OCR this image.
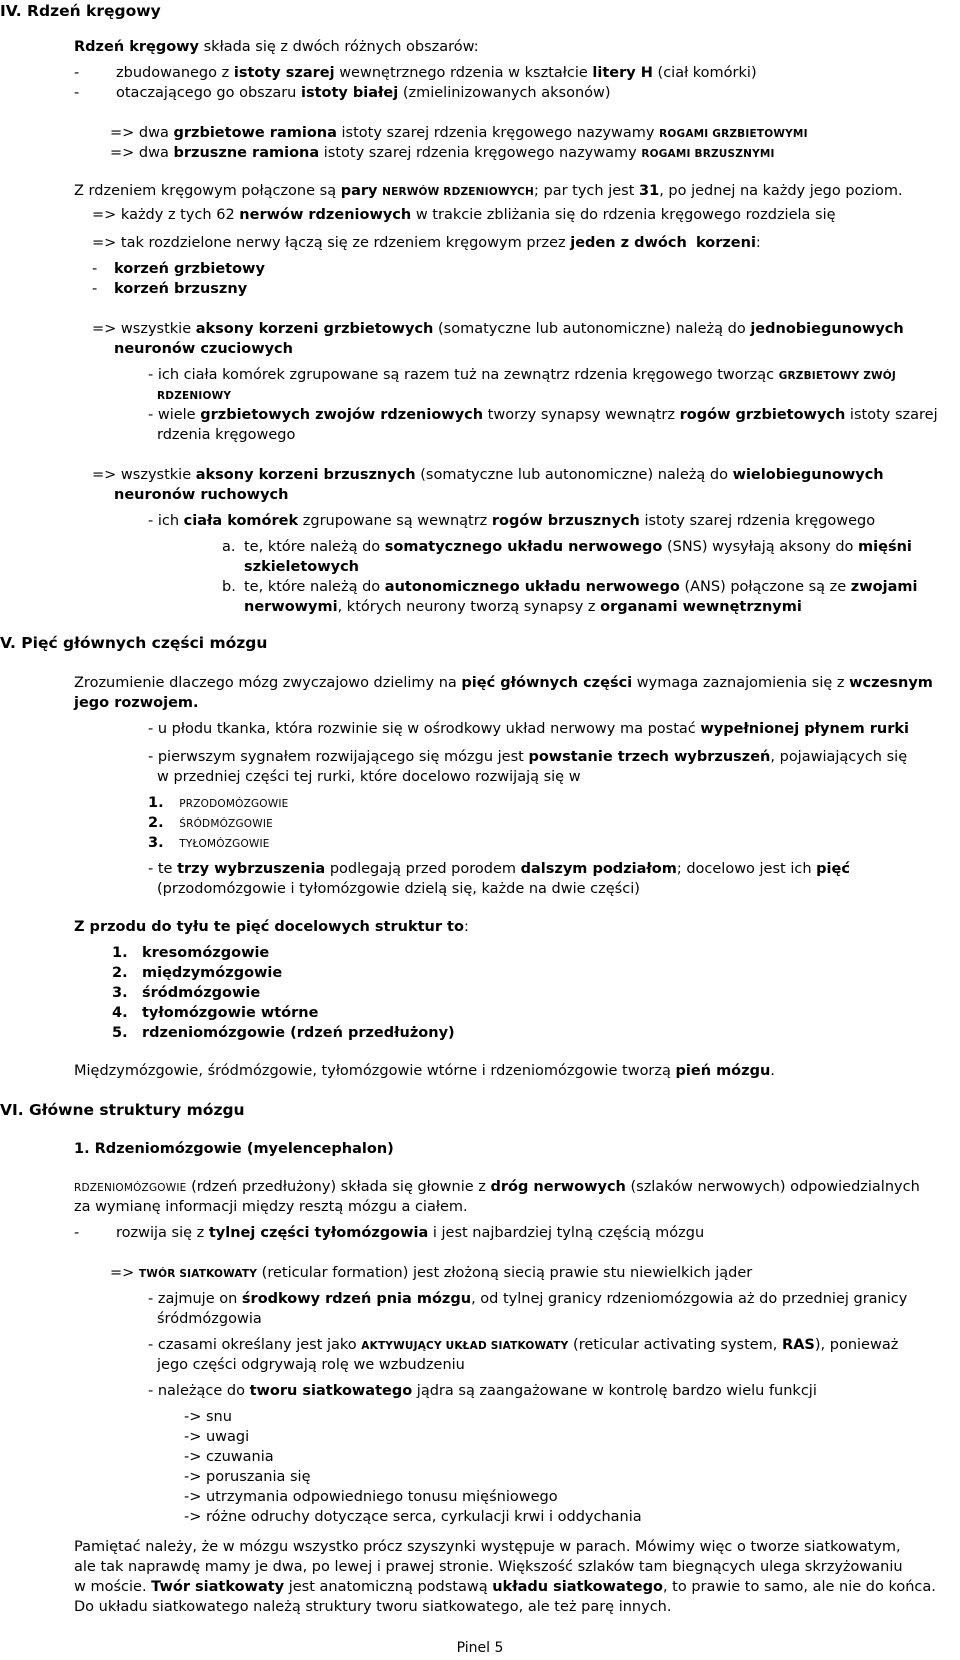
IV. Rdzeń kręgowy
Rdzeń kręgowy składa się z dwóch różnych obszarów:
-	zbudowanego z istoty szarej wewnętrznego rdzenia w kształcie litery H (ciał komórki)
-	otaczającego go obszaru istoty białej (zmielinizowanych aksonów)
=> dwa grzbietowe ramiona istoty szarej rdzenia kręgowego nazywamy ROGAMI GRZBIETOWYMI
=> dwa brzuszne ramiona istoty szarej rdzenia kręgowego nazywamy ROGAMI BRZUSZNYMI
Z rdzeniem kręgowym połączone są pary NERWÓW RDZENIOWYCH; par tych jest 31, po jednej na każdy jego poziom.
=> każdy z tych 62 nerwów rdzeniowych w trakcie zbliżania się do rdzenia kręgowego rozdziela się
=> tak rozdzielone nerwy łączą się ze rdzeniem kręgowym przez jeden z dwóch korzeni:
- korzeń grzbietowy
- korzeń brzuszny
=> wszystkie aksony korzeni grzbietowych (somatyczne lub autonomiczne) należą do jednobiegunowych
neuronów czuciowych
- ich ciała komórek zgrupowane są razem tuż na zewnątrz rdzenia kręgowego tworząc GRZBIETOWY ZWÓJ
RDZENIOWY
- wiele grzbietowych zwojów rdzeniowych tworzy synapsy wewnątrz rogów grzbietowych istoty szarej
rdzenia kręgowego
=> wszystkie aksony korzeni brzusznych (somatyczne lub autonomiczne) należą do wielobiegunowych
neuronów ruchowych
- ich ciała komórek zgrupowane są wewnątrz rogów brzusznych istoty szarej rdzenia kręgowego
a. te, które należą do somatycznego układu nerwowego (SNS) wysyłają aksony do mięśni
szkieletowych
b. te, które należą do autonomicznego układu nerwowego (ANS) połączone są ze zwojami
nerwowymi, których neurony tworzą synapsy z organami wewnętrznymi
V. Pięć głównych części mózgu
Zrozumienie dlaczego mózg zwyczajowo dzielimy na pięć głównych części wymaga zaznajomienia się z wczesnym
jego rozwojem.
- u płodu tkanka, która rozwinie się w ośrodkowy układ nerwowy ma postać wypełnionej płynem rurki
- pierwszym sygnałem rozwijającego się mózgu jest powstanie trzech wybrzuszeń, pojawiających się
w przedniej części tej rurki, które docelowo rozwijają się w
1. PRZODOMÓZGOWIE
2. ŚRÓDMÓZGOWIE
3. TYŁOMÓZGOWIE
- te trzy wybrzuszenia podlegają przed porodem dalszym podziałom; docelowo jest ich pięć
(przodomózgowie i tyłomózgowie dzielą się, każde na dwie części)
Z przodu do tyłu te pięć docelowych struktur to:
1. kresomózgowie
2. międzymózgowie
3. śródmózgowie
4. tyłomózgowie wtórne
5. rdzeniomózgowie (rdzeń przedłużony)
Międzymózgowie, śródmózgowie, tyłomózgowie wtórne i rdzeniomózgowie tworzą pień mózgu.
VI. Główne struktury mózgu
1. Rdzeniomózgowie (myelencephalon)
RDZENIOMÓZGOWIE (rdzeń przedłużony) składa się głownie z dróg nerwowych (szlaków nerwowych) odpowiedzialnych
za wymianę informacji między resztą mózgu a ciałem.
-	rozwija się z tylnej części tyłomózgowia i jest najbardziej tylną częścią mózgu
=> TWÓR SIATKOWATY (reticular formation) jest złożoną siecią prawie stu niewielkich jąder
- zajmuje on środkowy rdzeń pnia mózgu, od tylnej granicy rdzeniomózgowia aż do przedniej granicy
śródmózgowia
- czasami określany jest jako AKTYWUJĄCY UKŁAD SIATKOWATY (reticular activating system, RAS), ponieważ
jego części odgrywają rolę we wzbudzeniu
- należące do tworu siatkowatego jądra są zaangażowane w kontrolę bardzo wielu funkcji
-> snu
-> uwagi
-> czuwania
-> poruszania się
-> utrzymania odpowiedniego tonusu mięśniowego
-> różne odruchy dotyczące serca, cyrkulacji krwi i oddychania
Pamiętać należy, że w mózgu wszystko prócz szyszynki występuje w parach. Mówimy więc o tworze siatkowatym,
ale tak naprawdę mamy je dwa, po lewej i prawej stronie. Większość szlaków tam biegnących ulega skrzyżowaniu
w moście. Twór siatkowaty jest anatomiczną podstawą układu siatkowatego, to prawie to samo, ale nie do końca.
Do układu siatkowatego należą struktury tworu siatkowatego, ale też parę innych.
Pinel 5
